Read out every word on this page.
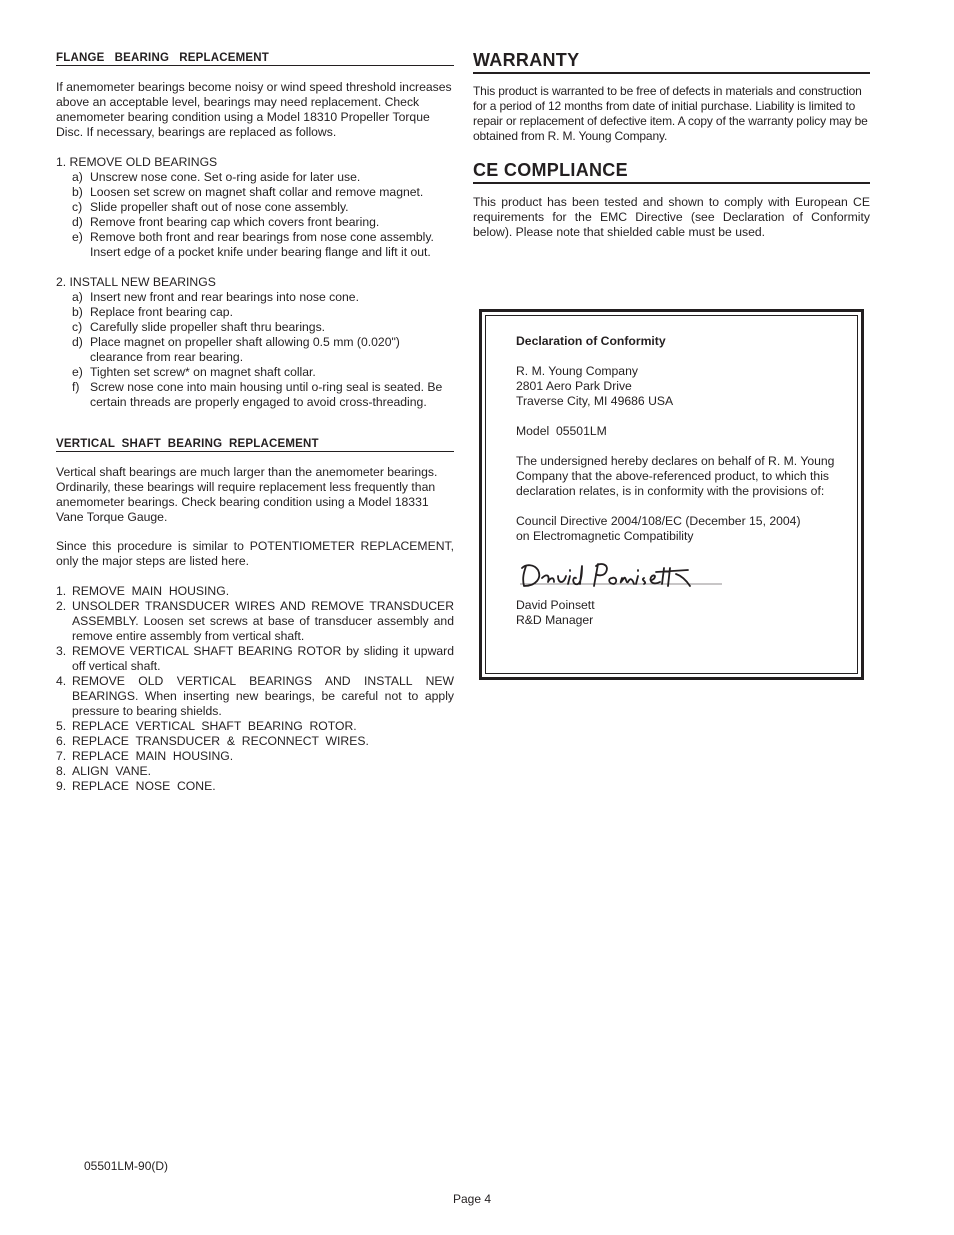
FLANGE   BEARING   REPLACEMENT

If anemometer bearings become noisy or wind speed threshold increases above an acceptable level, bearings may need replacement. Check anemometer bearing condition using a Model 18310 Propeller Torque Disc. If necessary, bearings are replaced as follows.

1. REMOVE OLD BEARINGS

a) Unscrew nose cone. Set o-ring aside for later use.
b) Loosen set screw on magnet shaft collar and remove magnet.
c) Slide propeller shaft out of nose cone assembly.
d) Remove front bearing cap which covers front bearing.
e) Remove both front and rear bearings from nose cone assembly. Insert edge of a pocket knife under bearing flange and lift it out.

2. INSTALL NEW BEARINGS

a) Insert new front and rear bearings into nose cone.
b) Replace front bearing cap.
c) Carefully slide propeller shaft thru bearings.
d) Place magnet on propeller shaft allowing 0.5 mm (0.020") clearance from rear bearing.
e) Tighten set screw* on magnet shaft collar.
f) Screw nose cone into main housing until o-ring seal is seated. Be certain threads are properly engaged to avoid cross-threading.
VERTICAL  SHAFT  BEARING  REPLACEMENT

Vertical shaft bearings are much larger than the anemometer bearings. Ordinarily, these bearings will require replacement less frequently than anemometer bearings. Check bearing condition using a Model 18331 Vane Torque Gauge.

Since this procedure is similar to POTENTIOMETER REPLACEMENT, only the major steps are listed here.

1. REMOVE  MAIN  HOUSING.
2. UNSOLDER TRANSDUCER WIRES AND REMOVE TRANSDUCER ASSEMBLY. Loosen set screws at base of transducer assembly and remove entire assembly from vertical shaft.
3. REMOVE VERTICAL SHAFT BEARING ROTOR by sliding it upward off vertical shaft.
4. REMOVE OLD VERTICAL BEARINGS AND INSTALL NEW BEARINGS. When inserting new bearings, be careful not to apply pressure to bearing shields.
5. REPLACE  VERTICAL  SHAFT  BEARING  ROTOR.
6. REPLACE  TRANSDUCER  &  RECONNECT  WIRES.
7. REPLACE  MAIN  HOUSING.
8. ALIGN  VANE.
9. REPLACE  NOSE  CONE.
WARRANTY

This product is warranted to be free of defects in materials and construction for a period of 12 months from date of initial purchase. Liability is limited to repair or replacement of defective item. A copy of the warranty policy may be obtained from R. M. Young Company.

CE COMPLIANCE

This product has been tested and shown to comply with European CE requirements for the EMC Directive (see Declaration of Conformity below). Please note that shielded cable must be used.

Declaration of Conformity

R. M. Young Company

2801 Aero Park Drive

Traverse City, MI 49686 USA

Model  05501LM

The undersigned hereby declares on behalf of R. M. Young Company that the above-referenced product, to which this declaration relates, is in conformity with the provisions of:

Council Directive 2004/108/EC (December 15, 2004)

on Electromagnetic Compatibility

David Poinsett

R&D Manager

05501LM-90(D)
Page 4
